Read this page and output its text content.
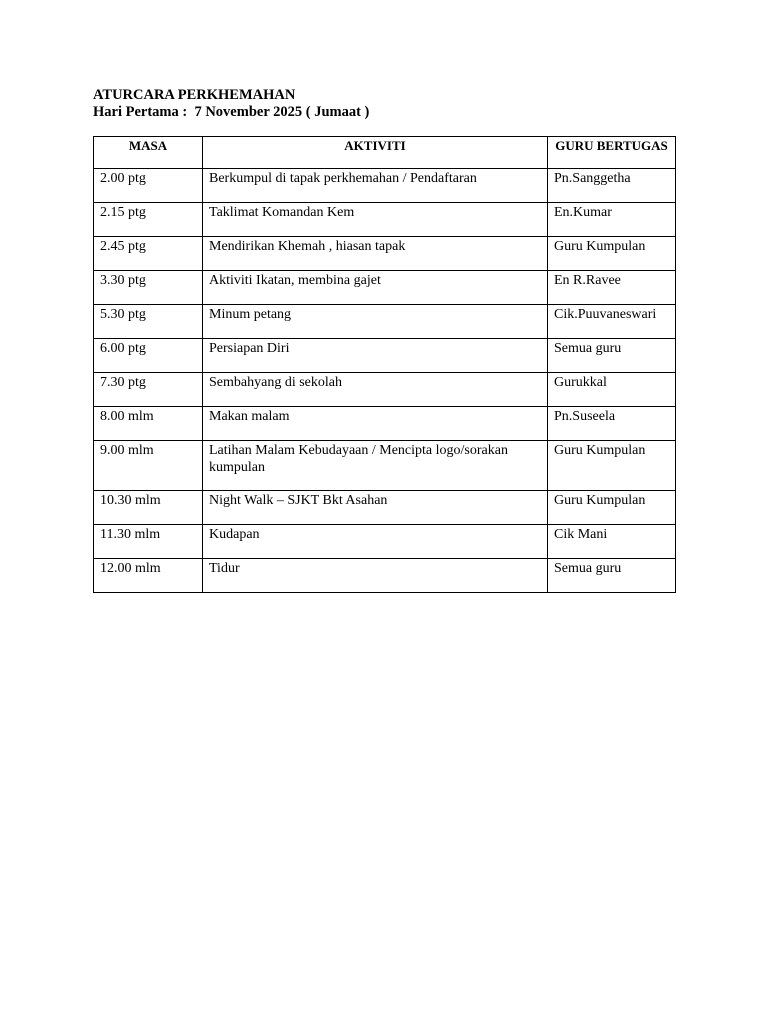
ATURCARA PERKHEMAHAN
Hari Pertama :  7 November 2025 ( Jumaat )
MASA	AKTIVITI	GURU BERTUGAS
2.00 ptg	Berkumpul di tapak perkhemahan / Pendaftaran	Pn.Sanggetha
2.15 ptg	Taklimat Komandan Kem	En.Kumar
2.45 ptg	Mendirikan Khemah , hiasan tapak	Guru Kumpulan
3.30 ptg	Aktiviti Ikatan, membina gajet	En R.Ravee
5.30 ptg	Minum petang	Cik.Puuvaneswari
6.00 ptg	Persiapan Diri	Semua guru
7.30 ptg	Sembahyang di sekolah	Gurukkal
8.00 mlm	Makan malam	Pn.Suseela
9.00 mlm	Latihan Malam Kebudayaan / Mencipta logo/sorakan kumpulan	Guru Kumpulan
10.30 mlm	Night Walk – SJKT Bkt Asahan	Guru Kumpulan
11.30 mlm	Kudapan	Cik Mani
12.00 mlm	Tidur	Semua guru
